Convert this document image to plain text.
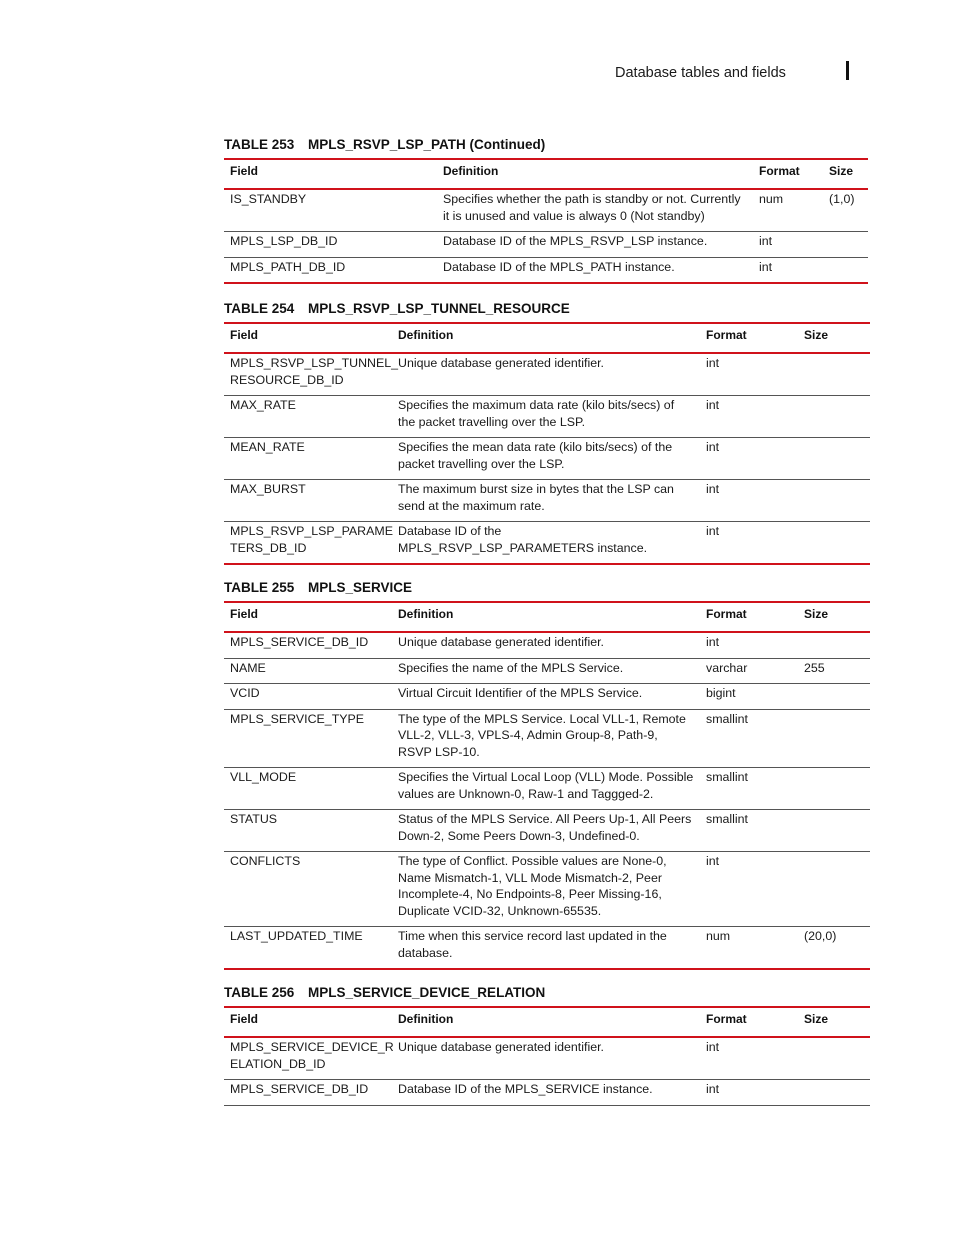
Database tables and fields
TABLE 253	MPLS_RSVP_LSP_PATH (Continued)
Field	Definition	Format	Size
IS_STANDBY	Specifies whether the path is standby or not. Currently it is unused and value is always 0 (Not standby)	num	(1,0)
MPLS_LSP_DB_ID	Database ID of the MPLS_RSVP_LSP instance.	int	
MPLS_PATH_DB_ID	Database ID of the MPLS_PATH instance.	int	
TABLE 254	MPLS_RSVP_LSP_TUNNEL_RESOURCE
Field	Definition	Format	Size
MPLS_RSVP_LSP_TUNNEL_ RESOURCE_DB_ID	Unique database generated identifier.	int	
MAX_RATE	Specifies the maximum data rate (kilo bits/secs) of the packet travelling over the LSP.	int	
MEAN_RATE	Specifies the mean data rate (kilo bits/secs) of the packet travelling over the LSP.	int	
MAX_BURST	The maximum burst size in bytes that the LSP can send at the maximum rate.	int	
MPLS_RSVP_LSP_PARAME TERS_DB_ID	Database ID of the MPLS_RSVP_LSP_PARAMETERS instance.	int	
TABLE 255	MPLS_SERVICE
Field	Definition	Format	Size
MPLS_SERVICE_DB_ID	Unique database generated identifier.	int	
NAME	Specifies the name of the MPLS Service.	varchar	255
VCID	Virtual Circuit Identifier of the MPLS Service.	bigint	
MPLS_SERVICE_TYPE	The type of the MPLS Service. Local VLL-1, Remote VLL-2, VLL-3, VPLS-4, Admin Group-8, Path-9, RSVP LSP-10.	smallint	
VLL_MODE	Specifies the Virtual Local Loop (VLL) Mode. Possible values are Unknown-0, Raw-1 and Taggged-2.	smallint	
STATUS	Status of the MPLS Service. All Peers Up-1, All Peers Down-2, Some Peers Down-3, Undefined-0.	smallint	
CONFLICTS	The type of Conflict. Possible values are None-0, Name Mismatch-1, VLL Mode Mismatch-2, Peer Incomplete-4, No Endpoints-8, Peer Missing-16, Duplicate VCID-32, Unknown-65535.	int	
LAST_UPDATED_TIME	Time when this service record last updated in the database.	num	(20,0)
TABLE 256	MPLS_SERVICE_DEVICE_RELATION
Field	Definition	Format	Size
MPLS_SERVICE_DEVICE_R ELATION_DB_ID	Unique database generated identifier.	int	
MPLS_SERVICE_DB_ID	Database ID of the MPLS_SERVICE instance.	int	
